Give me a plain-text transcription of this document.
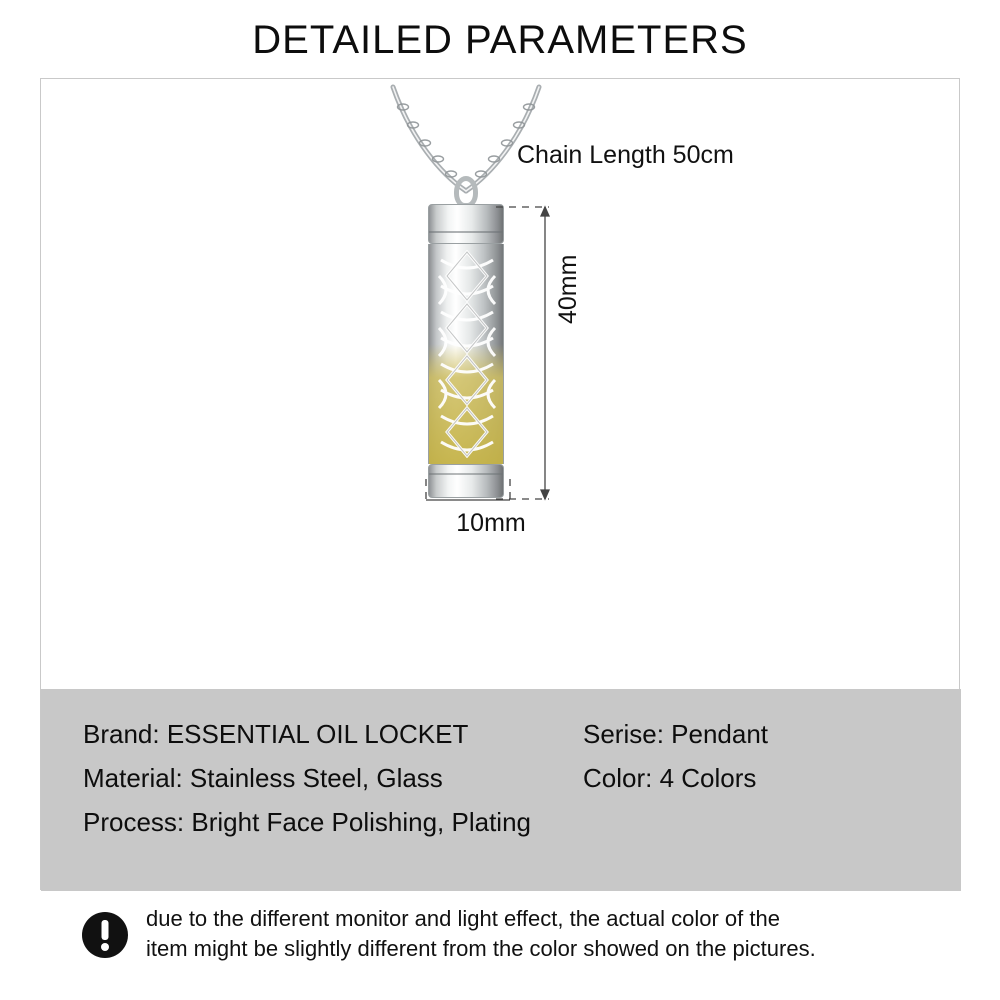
DETAILED PARAMETERS
Chain Length 50cm
40mm
10mm
Brand: ESSENTIAL OIL LOCKET	Serise: Pendant
Material: Stainless Steel, Glass	Color: 4 Colors
Process: Bright Face Polishing, Plating
due to the different monitor and light effect, the actual color of the
item might be slightly different from the color showed on the pictures.
